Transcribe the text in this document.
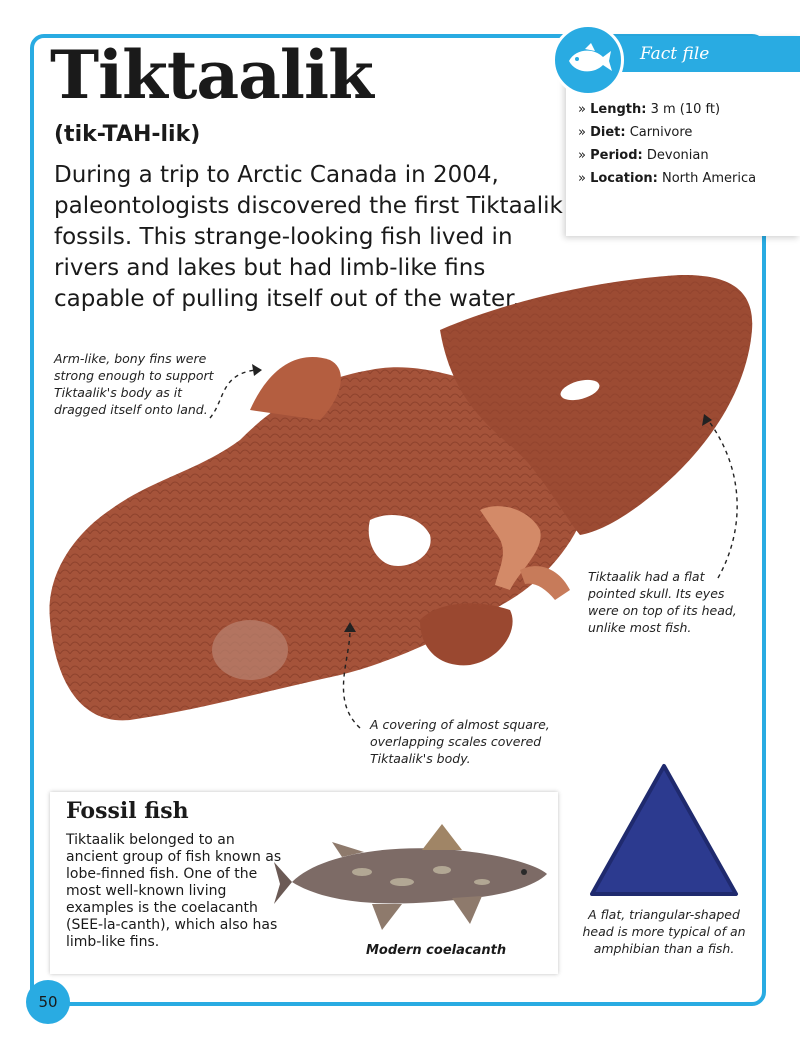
Tiktaalik
(tik-TAH-lik)

During a trip to Arctic Canada in 2004, paleontologists discovered the first Tiktaalik fossils. This strange-looking fish lived in rivers and lakes but had limb-like fins capable of pulling itself out of the water.

Fact file
» Length: 3 m (10 ft)
» Diet: Carnivore
» Period: Devonian
» Location: North America

Arm-like, bony fins were strong enough to support Tiktaalik's body as it dragged itself onto land.

Tiktaalik had a flat pointed skull. Its eyes were on top of its head, unlike most fish.

A covering of almost square, overlapping scales covered Tiktaalik's body.

Fossil fish

Tiktaalik belonged to an ancient group of fish known as lobe-finned fish. One of the most well-known living examples is the coelacanth (SEE-la-canth), which also has limb-like fins.

Modern coelacanth

A flat, triangular-shaped head is more typical of an amphibian than a fish.

50
